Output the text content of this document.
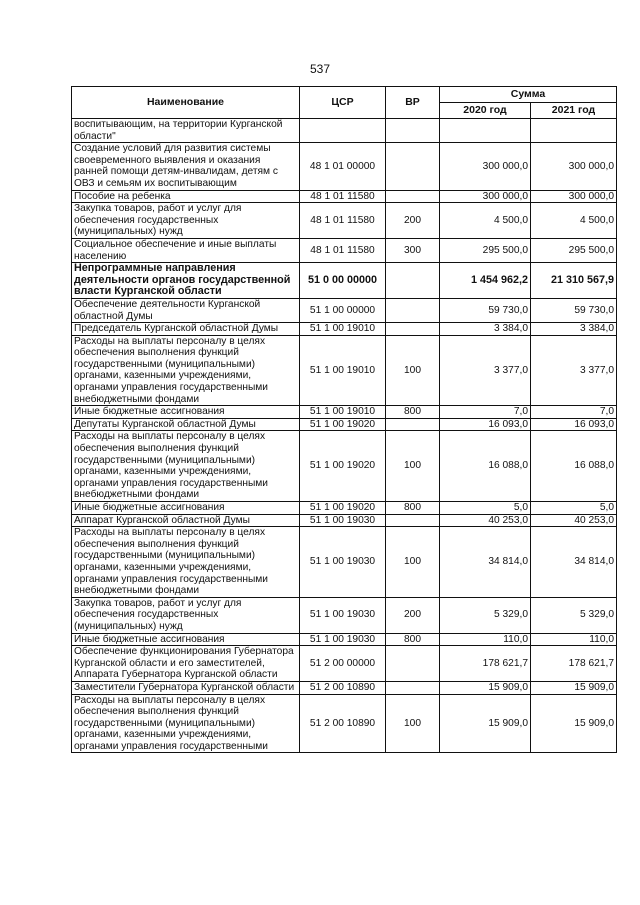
537
Наименование	ЦСР	ВР	Сумма	
			2020 год	2021 год
воспитывающим, на территории Курганской области"				
Создание условий для развития системы своевременного выявления и оказания ранней помощи детям-инвалидам, детям с ОВЗ и семьям их воспитывающим	48 1 01 00000		300 000,0	300 000,0
Пособие на ребенка	48 1 01 11580		300 000,0	300 000,0
Закупка товаров, работ и услуг для обеспечения государственных (муниципальных) нужд	48 1 01 11580	200	4 500,0	4 500,0
Социальное обеспечение и иные выплаты населению	48 1 01 11580	300	295 500,0	295 500,0
Непрограммные направления деятельности органов государственной власти Курганской области	51 0 00 00000		1 454 962,2	21 310 567,9
Обеспечение деятельности Курганской областной Думы	51 1 00 00000		59 730,0	59 730,0
Председатель Курганской областной Думы	51 1 00 19010		3 384,0	3 384,0
Расходы на выплаты персоналу в целях обеспечения выполнения функций государственными (муниципальными) органами, казенными учреждениями, органами управления государственными внебюджетными фондами	51 1 00 19010	100	3 377,0	3 377,0
Иные бюджетные ассигнования	51 1 00 19010	800	7,0	7,0
Депутаты Курганской областной Думы	51 1 00 19020		16 093,0	16 093,0
Расходы на выплаты персоналу в целях обеспечения выполнения функций государственными (муниципальными) органами, казенными учреждениями, органами управления государственными внебюджетными фондами	51 1 00 19020	100	16 088,0	16 088,0
Иные бюджетные ассигнования	51 1 00 19020	800	5,0	5,0
Аппарат Курганской областной Думы	51 1 00 19030		40 253,0	40 253,0
Расходы на выплаты персоналу в целях обеспечения выполнения функций государственными (муниципальными) органами, казенными учреждениями, органами управления государственными внебюджетными фондами	51 1 00 19030	100	34 814,0	34 814,0
Закупка товаров, работ и услуг для обеспечения государственных (муниципальных) нужд	51 1 00 19030	200	5 329,0	5 329,0
Иные бюджетные ассигнования	51 1 00 19030	800	110,0	110,0
Обеспечение функционирования Губернатора Курганской области и его заместителей, Аппарата Губернатора Курганской области	51 2 00 00000		178 621,7	178 621,7
Заместители Губернатора Курганской области	51 2 00 10890		15 909,0	15 909,0
Расходы на выплаты персоналу в целях обеспечения выполнения функций государственными (муниципальными) органами, казенными учреждениями, органами управления государственными	51 2 00 10890	100	15 909,0	15 909,0
